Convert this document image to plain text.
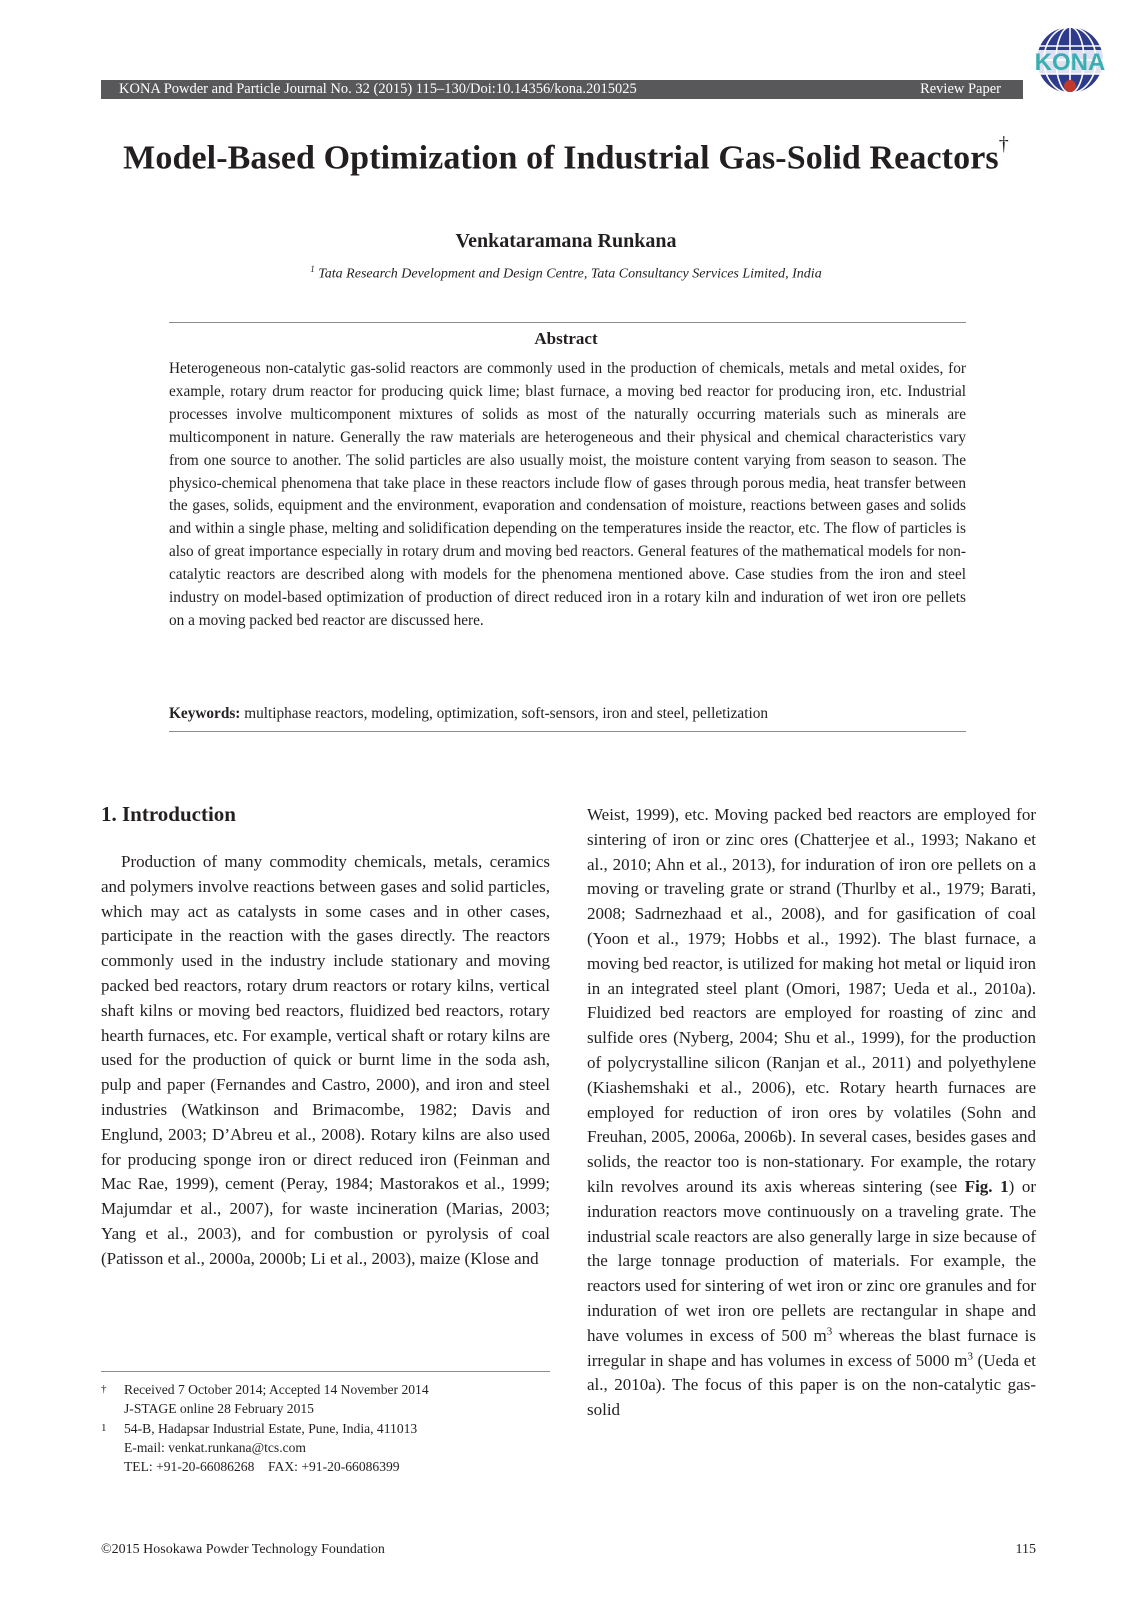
KONA Powder and Particle Journal No. 32 (2015) 115–130/Doi:10.14356/kona.2015025	Review Paper
KONA
Model-Based Optimization of Industrial Gas-Solid Reactors†
Venkataramana Runkana
$^1$ Tata Research Development and Design Centre, Tata Consultancy Services Limited, India
Abstract
Heterogeneous non-catalytic gas-solid reactors are commonly used in the production of chemicals, metals and metal oxides, for example, rotary drum reactor for producing quick lime; blast furnace, a moving bed reactor for producing iron, etc. Industrial processes involve multicomponent mixtures of solids as most of the naturally occurring materials such as minerals are multicomponent in nature. Generally the raw materials are heterogeneous and their physical and chemical characteristics vary from one source to another. The solid particles are also usually moist, the moisture content varying from season to season. The physico-chemical phenomena that take place in these reactors include flow of gases through porous media, heat transfer between the gases, solids, equipment and the environment, evaporation and condensation of moisture, reactions between gases and solids and within a single phase, melting and solidification depending on the temperatures inside the reactor, etc. The flow of particles is also of great importance especially in rotary drum and moving bed reactors. General features of the mathematical models for non-catalytic reactors are described along with models for the phenomena mentioned above. Case studies from the iron and steel industry on model-based optimization of production of direct reduced iron in a rotary kiln and induration of wet iron ore pellets on a moving packed bed reactor are discussed here.
Keywords: multiphase reactors, modeling, optimization, soft-sensors, iron and steel, pelletization
1. Introduction
Production of many commodity chemicals, metals, ceramics and polymers involve reactions between gases and solid particles, which may act as catalysts in some cases and in other cases, participate in the reaction with the gases directly. The reactors commonly used in the industry include stationary and moving packed bed reactors, rotary drum reactors or rotary kilns, vertical shaft kilns or moving bed reactors, fluidized bed reactors, rotary hearth furnaces, etc. For example, vertical shaft or rotary kilns are used for the production of quick or burnt lime in the soda ash, pulp and paper (Fernandes and Castro, 2000), and iron and steel industries (Watkinson and Brimacombe, 1982; Davis and Englund, 2003; D’Abreu et al., 2008). Rotary kilns are also used for producing sponge iron or direct reduced iron (Feinman and Mac Rae, 1999), cement (Peray, 1984; Mastorakos et al., 1999; Majumdar et al., 2007), for waste incineration (Marias, 2003; Yang et al., 2003), and for combustion or pyrolysis of coal (Patisson et al., 2000a, 2000b; Li et al., 2003), maize (Klose and
Weist, 1999), etc. Moving packed bed reactors are employed for sintering of iron or zinc ores (Chatterjee et al., 1993; Nakano et al., 2010; Ahn et al., 2013), for induration of iron ore pellets on a moving or traveling grate or strand (Thurlby et al., 1979; Barati, 2008; Sadrnezhaad et al., 2008), and for gasification of coal (Yoon et al., 1979; Hobbs et al., 1992). The blast furnace, a moving bed reactor, is utilized for making hot metal or liquid iron in an integrated steel plant (Omori, 1987; Ueda et al., 2010a). Fluidized bed reactors are employed for roasting of zinc and sulfide ores (Nyberg, 2004; Shu et al., 1999), for the production of polycrystalline silicon (Ranjan et al., 2011) and polyethylene (Kiashemshaki et al., 2006), etc. Rotary hearth furnaces are employed for reduction of iron ores by volatiles (Sohn and Freuhan, 2005, 2006a, 2006b). In several cases, besides gases and solids, the reactor too is non-stationary. For example, the rotary kiln revolves around its axis whereas sintering (see Fig. 1) or induration reactors move continuously on a traveling grate. The industrial scale reactors are also generally large in size because of the large tonnage production of materials. For example, the reactors used for sintering of wet iron or zinc ore granules and for induration of wet iron ore pellets are rectangular in shape and have volumes in excess of 500 $m^3$ whereas the blast furnace is irregular in shape and has volumes in excess of 5000 $m^3$ (Ueda et al., 2010a). The focus of this paper is on the non-catalytic gas-solid
† Received 7 October 2014; Accepted 14 November 2014
J-STAGE online 28 February 2015
1 54-B, Hadapsar Industrial Estate, Pune, India, 411013
E-mail: venkat.runkana@tcs.com
TEL: +91-20-66086268    FAX: +91-20-66086399
©2015 Hosokawa Powder Technology Foundation	115
